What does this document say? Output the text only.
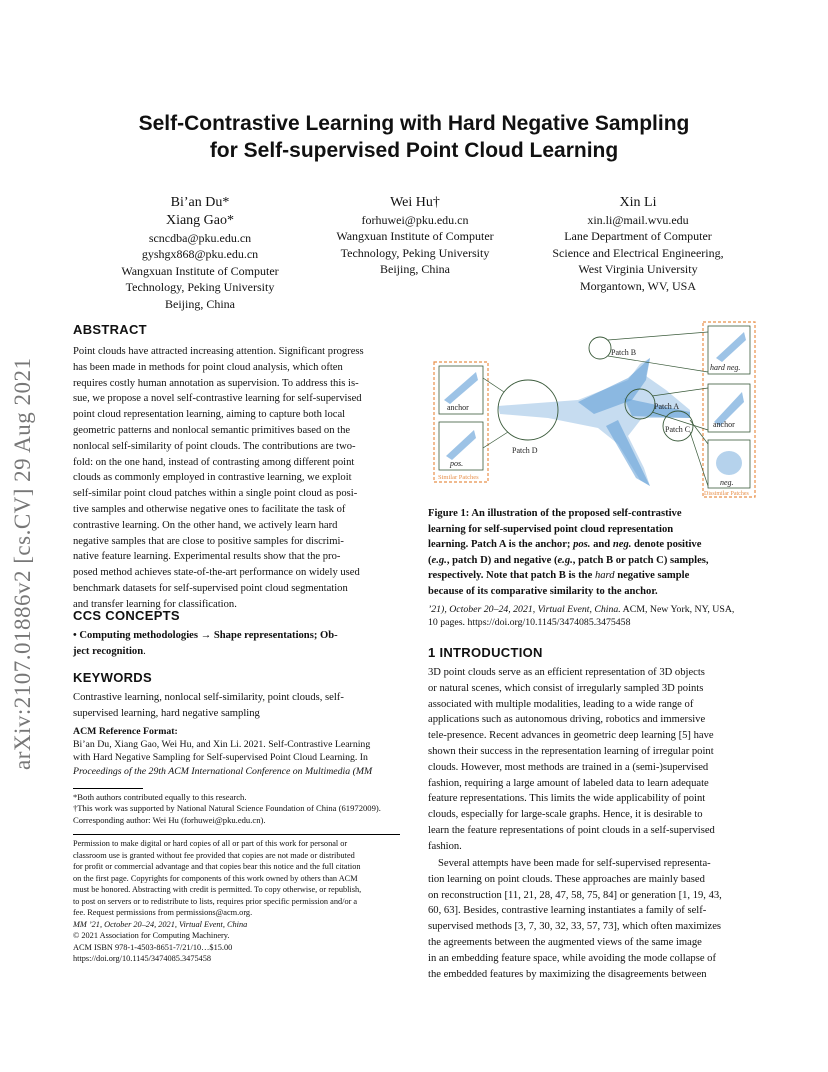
arXiv:2107.01886v2 [cs.CV] 29 Aug 2021
Self-Contrastive Learning with Hard Negative Sampling
for Self-supervised Point Cloud Learning
Bi’an Du*
Xiang Gao*
scncdba@pku.edu.cn
gyshgx868@pku.edu.cn
Wangxuan Institute of Computer
Technology, Peking University
Beijing, China
Wei Hu†
forhuwei@pku.edu.cn
Wangxuan Institute of Computer
Technology, Peking University
Beijing, China
Xin Li
xin.li@mail.wvu.edu
Lane Department of Computer
Science and Electrical Engineering,
West Virginia University
Morgantown, WV, USA
ABSTRACT
Point clouds have attracted increasing attention. Significant progress
has been made in methods for point cloud analysis, which often
requires costly human annotation as supervision. To address this is-
sue, we propose a novel self-contrastive learning for self-supervised
point cloud representation learning, aiming to capture both local
geometric patterns and nonlocal semantic primitives based on the
nonlocal self-similarity of point clouds. The contributions are two-
fold: on the one hand, instead of contrasting among different point
clouds as commonly employed in contrastive learning, we exploit
self-similar point cloud patches within a single point cloud as posi-
tive samples and otherwise negative ones to facilitate the task of
contrastive learning. On the other hand, we actively learn hard
negative samples that are close to positive samples for discrimi-
native feature learning. Experimental results show that the pro-
posed method achieves state-of-the-art performance on widely used
benchmark datasets for self-supervised point cloud segmentation
and transfer learning for classification.
CCS CONCEPTS
• Computing methodologies → Shape representations; Ob-
ject recognition.
KEYWORDS
Contrastive learning, nonlocal self-similarity, point clouds, self-
supervised learning, hard negative sampling
ACM Reference Format:
Bi’an Du, Xiang Gao, Wei Hu, and Xin Li. 2021. Self-Contrastive Learning
with Hard Negative Sampling for Self-supervised Point Cloud Learning. In
Proceedings of the 29th ACM International Conference on Multimedia (MM
*Both authors contributed equally to this research.
†This work was supported by National Natural Science Foundation of China (61972009).
Corresponding author: Wei Hu (forhuwei@pku.edu.cn).
Permission to make digital or hard copies of all or part of this work for personal or
classroom use is granted without fee provided that copies are not made or distributed
for profit or commercial advantage and that copies bear this notice and the full citation
on the first page. Copyrights for components of this work owned by others than ACM
must be honored. Abstracting with credit is permitted. To copy otherwise, or republish,
to post on servers or to redistribute to lists, requires prior specific permission and/or a
fee. Request permissions from permissions@acm.org.
MM ’21, October 20–24, 2021, Virtual Event, China
© 2021 Association for Computing Machinery.
ACM ISBN 978-1-4503-8651-7/21/10…$15.00
https://doi.org/10.1145/3474085.3475458
Patch B
Patch A
Patch C
Patch D
anchor
pos.
Similar Patches
hard neg.
anchor
neg.
Dissimilar Patches
Figure 1: An illustration of the proposed self-contrastive
learning for self-supervised point cloud representation
learning. Patch A is the anchor; pos. and neg. denote positive
(e.g., patch D) and negative (e.g., patch B or patch C) samples,
respectively. Note that patch B is the hard negative sample
because of its comparative similarity to the anchor.
’21), October 20–24, 2021, Virtual Event, China. ACM, New York, NY, USA,
10 pages. https://doi.org/10.1145/3474085.3475458
1 INTRODUCTION
3D point clouds serve as an efficient representation of 3D objects
or natural scenes, which consist of irregularly sampled 3D points
associated with multiple modalities, leading to a wide range of
applications such as autonomous driving, robotics and immersive
tele-presence. Recent advances in geometric deep learning [5] have
shown their success in the representation learning of irregular point
clouds. However, most methods are trained in a (semi-)supervised
fashion, requiring a large amount of labeled data to learn adequate
feature representations. This limits the wide applicability of point
clouds, especially for large-scale graphs. Hence, it is desirable to
learn the feature representations of point clouds in a self-supervised
fashion.
Several attempts have been made for self-supervised representa-
tion learning on point clouds. These approaches are mainly based
on reconstruction [11, 21, 28, 47, 58, 75, 84] or generation [1, 19, 43,
60, 63]. Besides, contrastive learning instantiates a family of self-
supervised methods [3, 7, 30, 32, 33, 57, 73], which often maximizes
the agreements between the augmented views of the same image
in an embedding feature space, while avoiding the mode collapse of
the embedded features by maximizing the disagreements between
